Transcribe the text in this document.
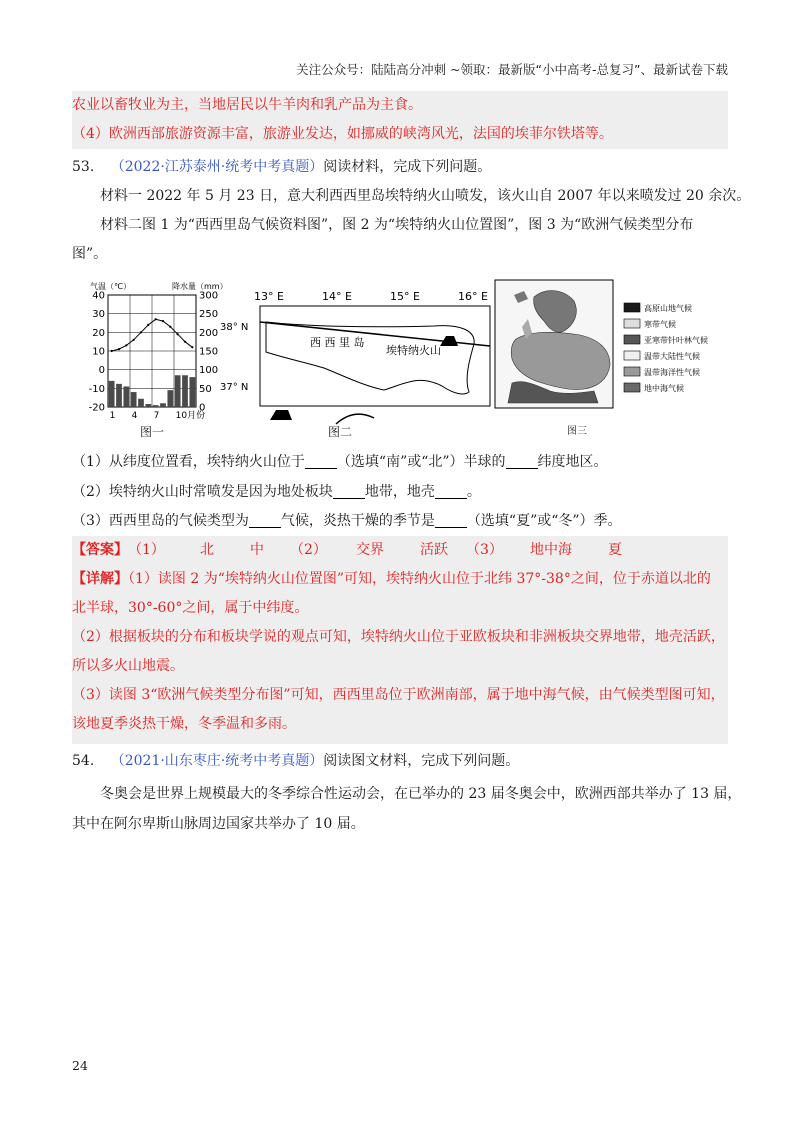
关注公众号：陆陆高分冲刺 ~领取：最新版“小中高考-总复习”、最新试卷下载
农业以畜牧业为主，当地居民以牛羊肉和乳产品为主食。
（4）欧洲西部旅游资源丰富，旅游业发达，如挪威的峡湾风光，法国的埃菲尔铁塔等。
53. （2022·江苏泰州·统考中考真题）阅读材料，完成下列问题。
材料一 2022 年 5 月 23 日，意大利西西里岛埃特纳火山喷发，该火山自 2007 年以来喷发过 20 余次。
材料二图 1 为“西西里岛气候资料图”，图 2 为“埃特纳火山位置图”，图 3 为“欧洲气候类型分布
图”。
气温（℃）	降水量（mm）
40
30
20
10
0
-10
-20
300
250
200
150
100
50
0
1 4 7 10月份
图一
13° E	14° E	15° E	16° E
38° N
37° N
西 西 里 岛
埃特纳火山
图二
高原山地气候
寒带气候
亚寒带针叶林气候
温带大陆性气候
温带海洋性气候
地中海气候
图三
（1）从纬度位置看，埃特纳火山位于 （选填“南”或“北”）半球的 纬度地区。
（2）埃特纳火山时常喷发是因为地处板块 地带，地壳 。
（3）西西里岛的气候类型为 气候，炎热干燥的季节是 （选填“夏”或“冬”）季。
【答案】 （1）	北	中 （2） 交界	活跃 （3） 地中海	夏
【详解】（1）读图 2 为“埃特纳火山位置图”可知，埃特纳火山位于北纬 37°-38°之间，位于赤道以北的
北半球，30°-60°之间，属于中纬度。
（2）根据板块的分布和板块学说的观点可知，埃特纳火山位于亚欧板块和非洲板块交界地带，地壳活跃，
所以多火山地震。
（3）读图 3“欧洲气候类型分布图”可知，西西里岛位于欧洲南部，属于地中海气候，由气候类型图可知，
该地夏季炎热干燥，冬季温和多雨。
54. （2021·山东枣庄·统考中考真题）阅读图文材料，完成下列问题。
冬奥会是世界上规模最大的冬季综合性运动会，在已举办的 23 届冬奥会中，欧洲西部共举办了 13 届，
其中在阿尔卑斯山脉周边国家共举办了 10 届。
24
